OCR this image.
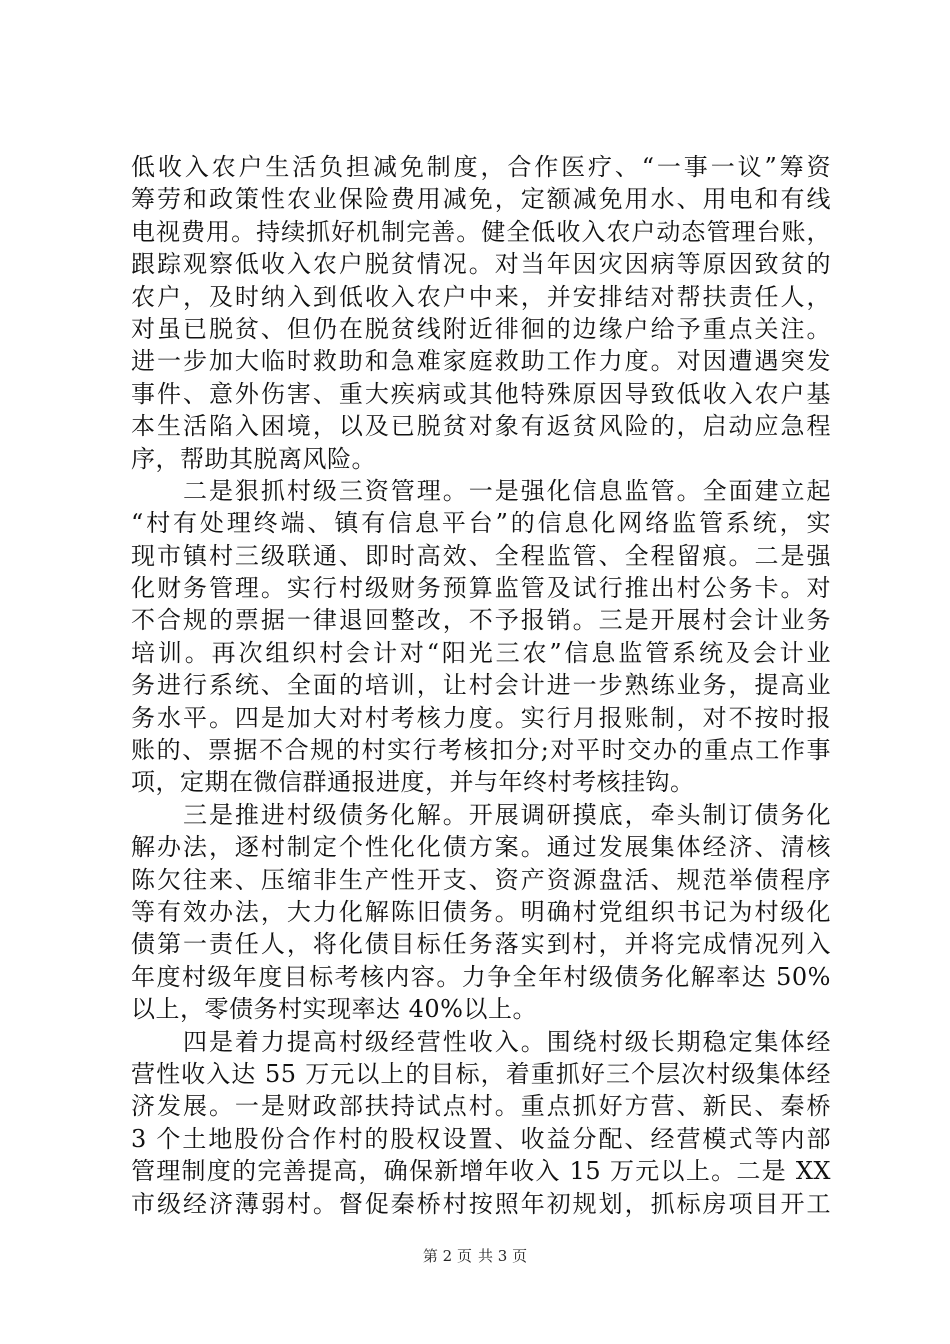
低收入农户生活负担减免制度，合作医疗、“一事一议”筹资
筹劳和政策性农业保险费用减免，定额减免用水、用电和有线
电视费用。持续抓好机制完善。健全低收入农户动态管理台账，
跟踪观察低收入农户脱贫情况。对当年因灾因病等原因致贫的
农户，及时纳入到低收入农户中来，并安排结对帮扶责任人，
对虽已脱贫、但仍在脱贫线附近徘徊的边缘户给予重点关注。
进一步加大临时救助和急难家庭救助工作力度。对因遭遇突发
事件、意外伤害、重大疾病或其他特殊原因导致低收入农户基
本生活陷入困境，以及已脱贫对象有返贫风险的，启动应急程
序，帮助其脱离风险。
　　二是狠抓村级三资管理。一是强化信息监管。全面建立起
“村有处理终端、镇有信息平台”的信息化网络监管系统，实
现市镇村三级联通、即时高效、全程监管、全程留痕。二是强
化财务管理。实行村级财务预算监管及试行推出村公务卡。对
不合规的票据一律退回整改，不予报销。三是开展村会计业务
培训。再次组织村会计对“阳光三农”信息监管系统及会计业
务进行系统、全面的培训，让村会计进一步熟练业务，提高业
务水平。四是加大对村考核力度。实行月报账制，对不按时报
账的、票据不合规的村实行考核扣分;对平时交办的重点工作事
项，定期在微信群通报进度，并与年终村考核挂钩。
　　三是推进村级债务化解。开展调研摸底，牵头制订债务化
解办法，逐村制定个性化化债方案。通过发展集体经济、清核
陈欠往来、压缩非生产性开支、资产资源盘活、规范举债程序
等有效办法，大力化解陈旧债务。明确村党组织书记为村级化
债第一责任人，将化债目标任务落实到村，并将完成情况列入
年度村级年度目标考核内容。力争全年村级债务化解率达 50%
以上，零债务村实现率达 40%以上。
　　四是着力提高村级经营性收入。围绕村级长期稳定集体经
营性收入达 55 万元以上的目标，着重抓好三个层次村级集体经
济发展。一是财政部扶持试点村。重点抓好方营、新民、秦桥
3 个土地股份合作村的股权设置、收益分配、经营模式等内部
管理制度的完善提高，确保新增年收入 15 万元以上。二是 XX
市级经济薄弱村。督促秦桥村按照年初规划，抓标房项目开工
第 2 页 共 3 页
